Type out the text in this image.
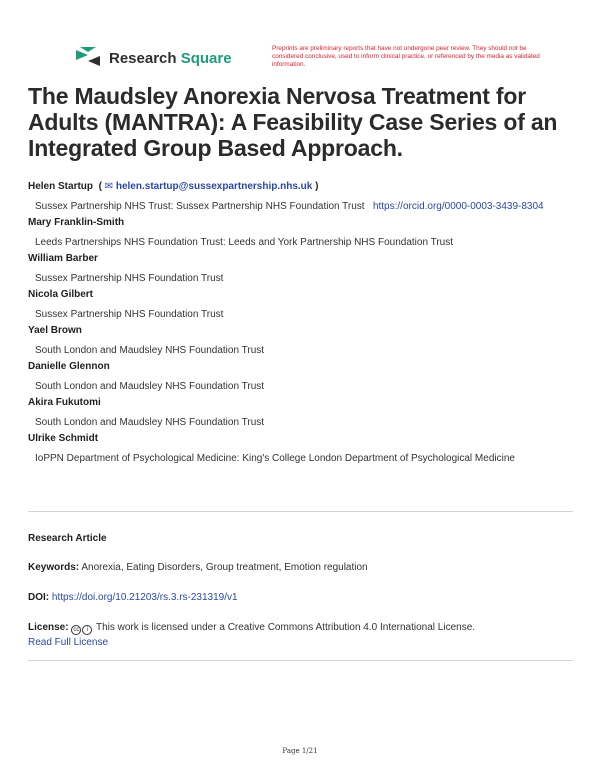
Research Square
Preprints are preliminary reports that have not undergone peer review. They should not be considered conclusive, used to inform clinical practice, or referenced by the media as validated information.
The Maudsley Anorexia Nervosa Treatment for Adults (MANTRA): A Feasibility Case Series of an Integrated Group Based Approach.
Helen Startup  ( ✉ helen.startup@sussexpartnership.nhs.uk )
Sussex Partnership NHS Trust: Sussex Partnership NHS Foundation Trust https://orcid.org/0000-0003-3439-8304
Mary Franklin-Smith
Leeds Partnerships NHS Foundation Trust: Leeds and York Partnership NHS Foundation Trust
William Barber
Sussex Partnership NHS Foundation Trust
Nicola Gilbert
Sussex Partnership NHS Foundation Trust
Yael Brown
South London and Maudsley NHS Foundation Trust
Danielle Glennon
South London and Maudsley NHS Foundation Trust
Akira Fukutomi
South London and Maudsley NHS Foundation Trust
Ulrike Schmidt
IoPPN Department of Psychological Medicine: King's College London Department of Psychological Medicine
Research Article
Keywords: Anorexia, Eating Disorders, Group treatment, Emotion regulation
DOI: https://doi.org/10.21203/rs.3.rs-231319/v1
License: cc i This work is licensed under a Creative Commons Attribution 4.0 International License.
Read Full License
Page 1/21
